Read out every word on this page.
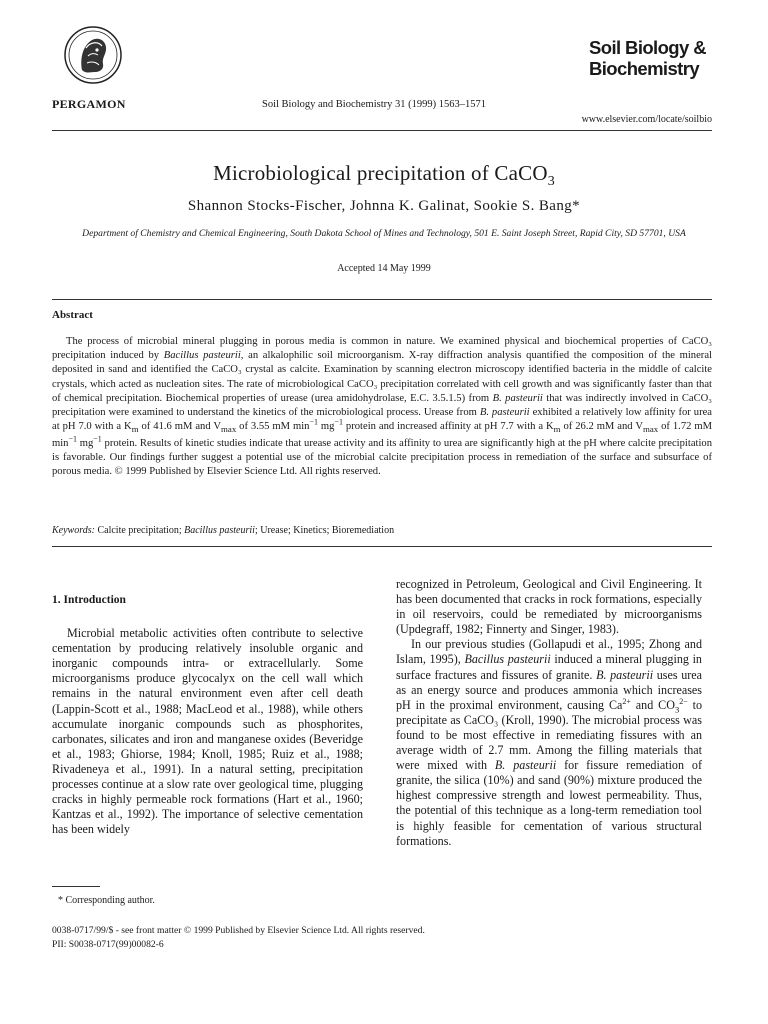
PERGAMON	Soil Biology and Biochemistry 31 (1999) 1563–1571
Soil Biology &
Biochemistry
www.elsevier.com/locate/soilbio
Microbiological precipitation of CaCO$_3$
Shannon Stocks-Fischer, Johnna K. Galinat, Sookie S. Bang*
Department of Chemistry and Chemical Engineering, South Dakota School of Mines and Technology, 501 E. Saint Joseph Street, Rapid City, SD 57701, USA
Accepted 14 May 1999
Abstract
The process of microbial mineral plugging in porous media is common in nature. We examined physical and biochemical properties of CaCO₃ precipitation induced by Bacillus pasteurii, an alkalophilic soil microorganism. X-ray diffraction analysis quantified the composition of the mineral deposited in sand and identified the CaCO₃ crystal as calcite. Examination by scanning electron microscopy identified bacteria in the middle of calcite crystals, which acted as nucleation sites. The rate of microbiological CaCO₃ precipitation correlated with cell growth and was significantly faster than that of chemical precipitation. Biochemical properties of urease (urea amidohydrolase, E.C. 3.5.1.5) from B. pasteurii that was indirectly involved in CaCO₃ precipitation were examined to understand the kinetics of the microbiological process. Urease from B. pasteurii exhibited a relatively low affinity for urea at pH 7.0 with a $K_m$ of 41.6 mM and $V_{max}$ of 3.55 mM $\min^{-1} mg^{-1}$ protein and increased affinity at pH 7.7 with a $K_m$ of 26.2 mM and $V_{max}$ of 1.72 mM $\min^{-1} mg^{-1}$ protein. Results of kinetic studies indicate that urease activity and its affinity to urea are significantly high at the pH where calcite precipitation is favorable. Our findings further suggest a potential use of the microbial calcite precipitation process in remediation of the surface and subsurface of porous media. © 1999 Published by Elsevier Science Ltd. All rights reserved.
Keywords: Calcite precipitation; Bacillus pasteurii; Urease; Kinetics; Bioremediation
1. Introduction

Microbial metabolic activities often contribute to selective cementation by producing relatively insoluble organic and inorganic compounds intra- or extracellularly. Some microorganisms produce glycocalyx on the cell wall which remains in the natural environment even after cell death (Lappin-Scott et al., 1988; MacLeod et al., 1988), while others accumulate inorganic compounds such as phosphorites, carbonates, silicates and iron and manganese oxides (Beveridge et al., 1983; Ghiorse, 1984; Knoll, 1985; Ruiz et al., 1988; Rivadeneya et al., 1991). In a natural setting, precipitation processes continue at a slow rate over geological time, plugging cracks in highly permeable rock formations (Hart et al., 1960; Kantzas et al., 1992). The importance of selective cementation has been widely

recognized in Petroleum, Geological and Civil Engineering. It has been documented that cracks in rock formations, especially in oil reservoirs, could be remediated by microorganisms (Updegraff, 1982; Finnerty and Singer, 1983).

In our previous studies (Gollapudi et al., 1995; Zhong and Islam, 1995), Bacillus pasteurii induced a mineral plugging in surface fractures and fissures of granite. B. pasteurii uses urea as an energy source and produces ammonia which increases pH in the proximal environment, causing $Ca^{2+}$ and $CO_3^{2-}$ to precipitate as CaCO₃ (Kroll, 1990). The microbial process was found to be most effective in remediating fissures with an average width of 2.7 mm. Among the filling materials that were mixed with B. pasteurii for fissure remediation of granite, the silica (10%) and sand (90%) mixture produced the highest compressive strength and lowest permeability. Thus, the potential of this technique as a long-term remediation tool is highly feasible for cementation of various structural formations.

* Corresponding author.
0038-0717/99/$ - see front matter © 1999 Published by Elsevier Science Ltd. All rights reserved.
PII: S0038-0717(99)00082-6
